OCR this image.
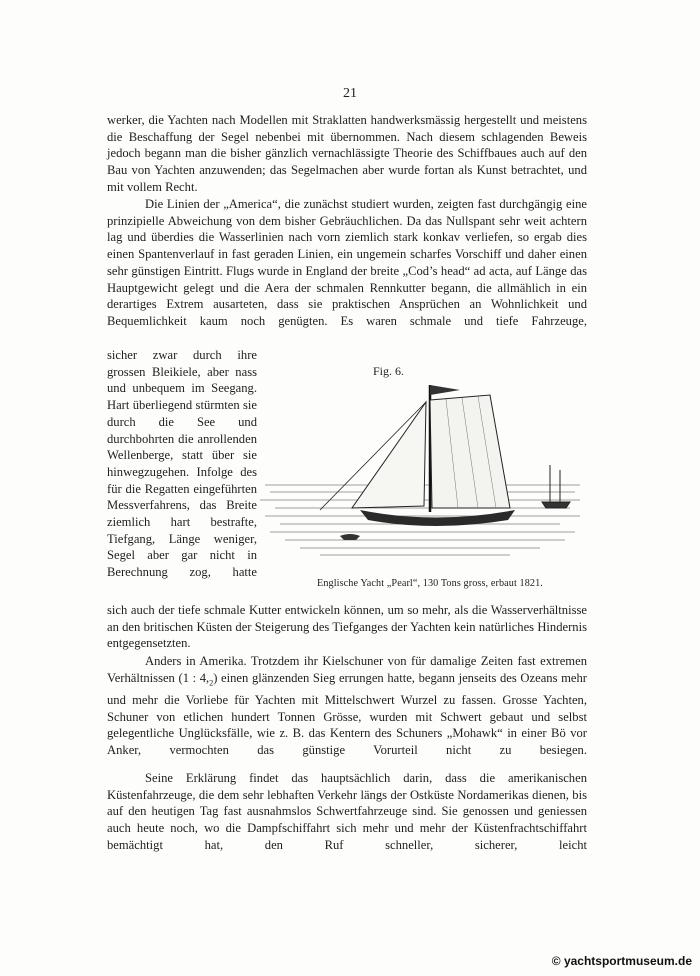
21
werker, die Yachten nach Modellen mit Straklatten handwerksmässig hergestellt und meistens die Beschaffung der Segel nebenbei mit übernommen. Nach diesem schlagenden Beweis jedoch begann man die bisher gänzlich vernachlässigte Theorie des Schiffbaues auch auf den Bau von Yachten anzuwenden; das Segelmachen aber wurde fortan als Kunst betrachtet, und mit vollem Recht.
Die Linien der „America“, die zunächst studiert wurden, zeigten fast durchgängig eine prinzipielle Abweichung von dem bisher Gebräuchlichen. Da das Nullspant sehr weit achtern lag und überdies die Wasserlinien nach vorn ziemlich stark konkav verliefen, so ergab dies einen Spantenverlauf in fast geraden Linien, ein ungemein scharfes Vorschiff und daher einen sehr günstigen Eintritt. Flugs wurde in England der breite „Cod’s head“ ad acta, auf Länge das Hauptgewicht gelegt und die Aera der schmalen Rennkutter begann, die allmählich in ein derartiges Extrem ausarteten, dass sie praktischen Ansprüchen an Wohnlichkeit und Bequemlichkeit kaum noch genügten. Es waren schmale und tiefe Fahrzeuge,
sicher zwar durch ihre grossen Bleikiele, aber nass und unbequem im Seegang. Hart überliegend stürmten sie durch die See und durchbohrten die anrollenden Wellenberge, statt über sie hinwegzugehen. Infolge des für die Regatten eingeführten Messverfahrens, das Breite ziemlich hart bestrafte, Tiefgang, Länge weniger, Segel aber gar nicht in Berechnung zog, hatte
Fig. 6.
Englische Yacht „Pearl“, 130 Tons gross, erbaut 1821.
sich auch der tiefe schmale Kutter entwickeln können, um so mehr, als die Wasserverhältnisse an den britischen Küsten der Steigerung des Tiefganges der Yachten kein natürliches Hindernis entgegensetzten.
Anders in Amerika. Trotzdem ihr Kielschuner von für damalige Zeiten fast extremen Verhältnissen (1 : $4,_2$) einen glänzenden Sieg errungen hatte, begann jenseits des Ozeans mehr und mehr die Vorliebe für Yachten mit Mittelschwert Wurzel zu fassen. Grosse Yachten, Schuner von etlichen hundert Tonnen Grösse, wurden mit Schwert gebaut und selbst gelegentliche Unglücksfälle, wie z. B. das Kentern des Schuners „Mohawk“ in einer Bö vor Anker, vermochten das günstige Vorurteil nicht zu besiegen.
Seine Erklärung findet das hauptsächlich darin, dass die amerikanischen Küstenfahrzeuge, die dem sehr lebhaften Verkehr längs der Ostküste Nordamerikas dienen, bis auf den heutigen Tag fast ausnahmslos Schwertfahrzeuge sind. Sie genossen und geniessen auch heute noch, wo die Dampfschiffahrt sich mehr und mehr der Küstenfrachtschiffahrt bemächtigt hat, den Ruf schneller, sicherer, leicht
© yachtsportmuseum.de
